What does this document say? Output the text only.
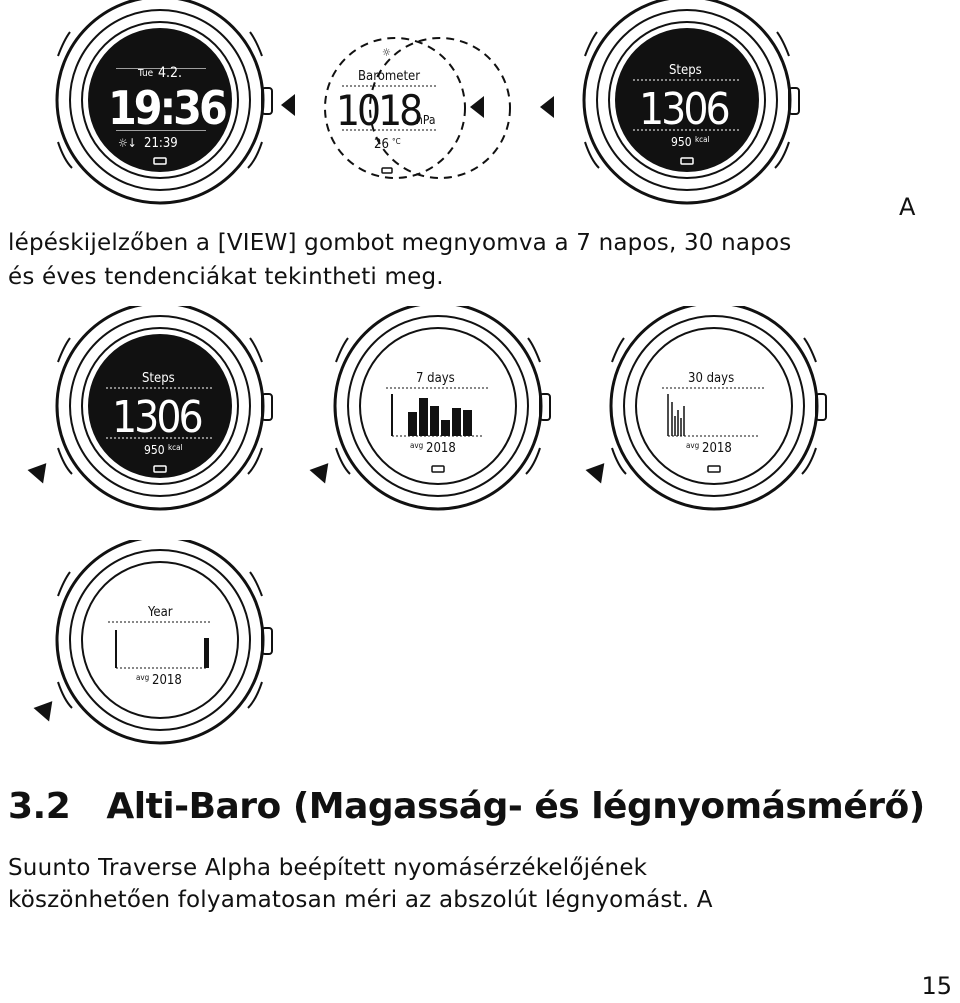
Tue 4.2.
19:36
☼↓ 21:39
☼
Barometer
1018
hPa
26 °C
Steps
1306
950 kcal
A
lépéskijelzőben a [VIEW] gombot megnyomva a 7 napos, 30 napos
és éves tendenciákat tekintheti meg.
Steps
1306
950 kcal
7 days
avg 2018
30 days
avg 2018
Year
avg 2018
3.2   Alti-Baro (Magasság- és légnyomásmérő)
Suunto Traverse Alpha beépített nyomásérzékelőjének
köszönhetően folyamatosan méri az abszolút légnyomást. A
15
